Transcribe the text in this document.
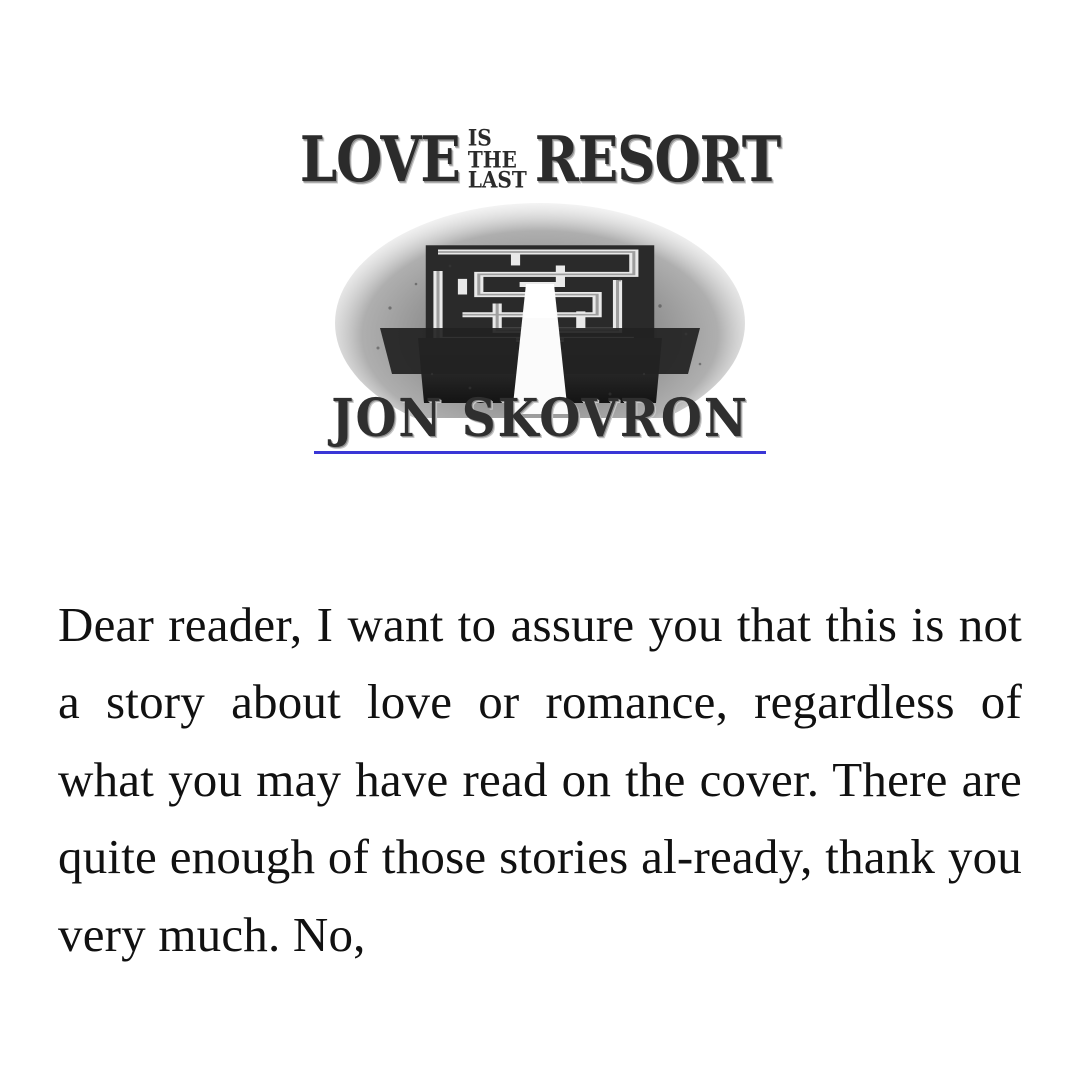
LOVE IS THE
LAST RESORT
JON SKOVRON

Dear reader, I want to assure you that this is not a story about love or romance, regardless of what you may have read on the cover. There are quite enough of those stories al-ready, thank you very much. No,
